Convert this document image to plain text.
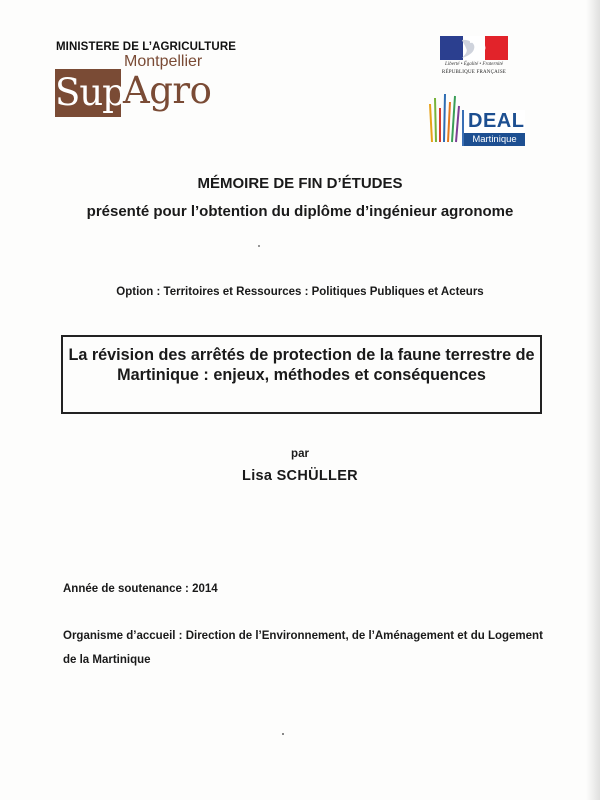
MINISTERE DE L’AGRICULTURE
Montpellier
Sup
Agro
Liberté • Égalité • Fraternité
RÉPUBLIQUE FRANÇAISE
DEAL
Martinique
MÉMOIRE DE FIN D’ÉTUDES
présenté pour l’obtention du diplôme d’ingénieur agronome
Option : Territoires et Ressources : Politiques Publiques et Acteurs
La révision des arrêtés de protection de la faune terrestre de Martinique : enjeux, méthodes et conséquences
par
Lisa SCHÜLLER
Année de soutenance : 2014
Organisme d’accueil : Direction de l’Environnement, de l’Aménagement et du Logement de la Martinique
